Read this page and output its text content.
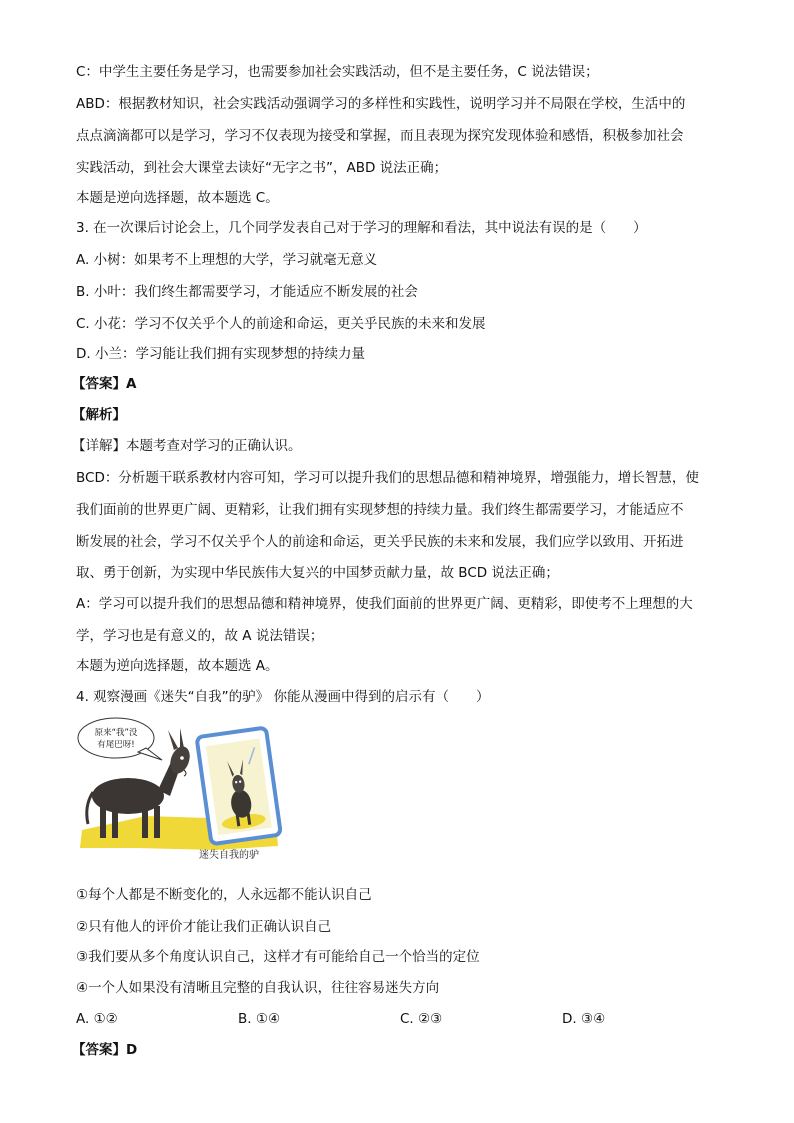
C：中学生主要任务是学习，也需要参加社会实践活动，但不是主要任务，C 说法错误；
ABD：根据教材知识，社会实践活动强调学习的多样性和实践性，说明学习并不局限在学校，生活中的
点点滴滴都可以是学习，学习不仅表现为接受和掌握，而且表现为探究发现体验和感悟，积极参加社会
实践活动，到社会大课堂去读好“无字之书”，ABD 说法正确；
本题是逆向选择题，故本题选 C。
3. 在一次课后讨论会上，几个同学发表自己对于学习的理解和看法，其中说法有误的是（　　）
A. 小树：如果考不上理想的大学，学习就毫无意义
B. 小叶：我们终生都需要学习，才能适应不断发展的社会
C. 小花：学习不仅关乎个人的前途和命运，更关乎民族的未来和发展
D. 小兰：学习能让我们拥有实现梦想的持续力量
【答案】A
【解析】
【详解】本题考查对学习的正确认识。
BCD：分析题干联系教材内容可知，学习可以提升我们的思想品德和精神境界，增强能力，增长智慧，使
我们面前的世界更广阔、更精彩，让我们拥有实现梦想的持续力量。我们终生都需要学习，才能适应不
断发展的社会，学习不仅关乎个人的前途和命运，更关乎民族的未来和发展，我们应学以致用、开拓进
取、勇于创新，为实现中华民族伟大复兴的中国梦贡献力量，故 BCD 说法正确；
A：学习可以提升我们的思想品德和精神境界，使我们面前的世界更广阔、更精彩，即使考不上理想的大
学，学习也是有意义的，故 A 说法错误；
本题为逆向选择题，故本题选 A。
4. 观察漫画《迷失“自我”的驴》 你能从漫画中得到的启示有（　　）
原来“我”没
有尾巴呀!
迷失自我的驴
①每个人都是不断变化的，人永远都不能认识自己
②只有他人的评价才能让我们正确认识自己
③我们要从多个角度认识自己，这样才有可能给自己一个恰当的定位
④一个人如果没有清晰且完整的自我认识，往往容易迷失方向
A. ①②	B. ①④	C. ②③	D. ③④
【答案】D
